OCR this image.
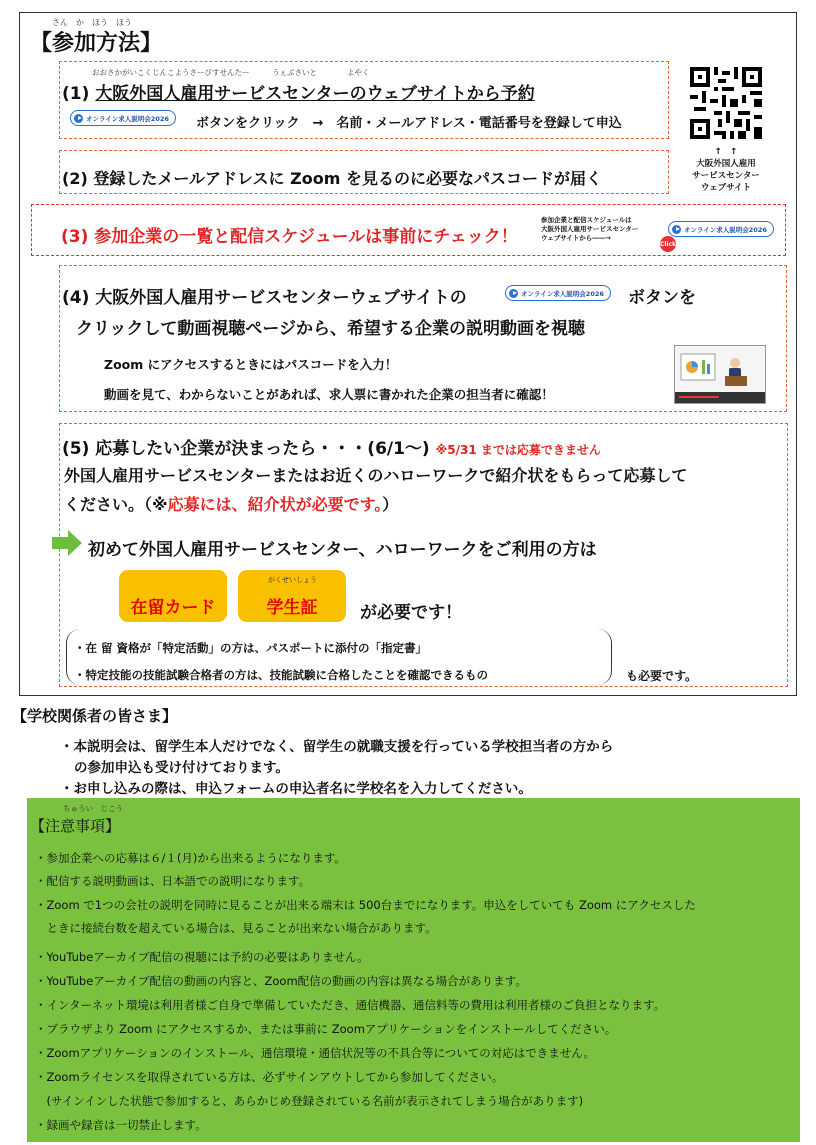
さん　か　ほう　ほう
【参加方法】
↑　↑
大阪外国人雇用
サービスセンター
ウェブサイト
おおさかがいこくじんこようさーびすせんたー　　　うぇぶさいと　　　　よやく
(1) 大阪外国人雇用サービスセンターのウェブサイトから予約
オンライン求人説明会2026 ボタンをクリック　→　名前・メールアドレス・電話番号を登録して申込
(2) 登録したメールアドレスに Zoom を見るのに必要なパスコードが届く
(3) 参加企業の一覧と配信スケジュールは事前にチェック！
参加企業と配信スケジュールは
大阪外国人雇用サービスセンター
ウェブサイトから――→
オンライン求人説明会2026
Click
(4) 大阪外国人雇用サービスセンターウェブサイトの	オンライン求人説明会2026 ボタンを
クリックして動画視聴ページから、希望する企業の説明動画を視聴
Zoom にアクセスするときにはパスコードを入力！
動画を見て、わからないことがあれば、求人票に書かれた企業の担当者に確認！
(5) 応募したい企業が決まったら・・・(6/1～) ※5/31 までは応募できません
外国人雇用サービスセンターまたはお近くのハローワークで紹介状をもらって応募して
ください。（※応募には、紹介状が必要です。）
初めて外国人雇用サービスセンター、ハローワークをご利用の方は
在留カード	学生証
がくせいしょう
が必要です！
・在 留 資格が「特定活動」の方は、パスポートに添付の「指定書」
・特定技能の技能試験合格者の方は、技能試験に合格したことを確認できるもの	も必要です。
【学校関係者の皆さま】
・本説明会は、留学生本人だけでなく、留学生の就職支援を行っている学校担当者の方から
の参加申込も受け付けております。
・お申し込みの際は、申込フォームの申込者名に学校名を入力してください。
ちゅうい　じこう
【注意事項】
・参加企業への応募は６/１(月)から出来るようになります。
・配信する説明動画は、日本語での説明になります。
・Zoom で1つの会社の説明を同時に見ることが出来る端末は 500台までになります。申込をしていても Zoom にアクセスした
　ときに接続台数を超えている場合は、見ることが出来ない場合があります。
・YouTubeアーカイブ配信の視聴には予約の必要はありません。
・YouTubeアーカイブ配信の動画の内容と、Zoom配信の動画の内容は異なる場合があります。
・インターネット環境は利用者様ご自身で準備していただき、通信機器、通信料等の費用は利用者様のご負担となります。
・ブラウザより Zoom にアクセスするか、または事前に Zoomアプリケーションをインストールしてください。
・Zoomアプリケーションのインストール、通信環境・通信状況等の不具合等についての対応はできません。
・Zoomライセンスを取得されている方は、必ずサインアウトしてから参加してください。
　(サインインした状態で参加すると、あらかじめ登録されている名前が表示されてしまう場合があります)
・録画や録音は一切禁止します。
